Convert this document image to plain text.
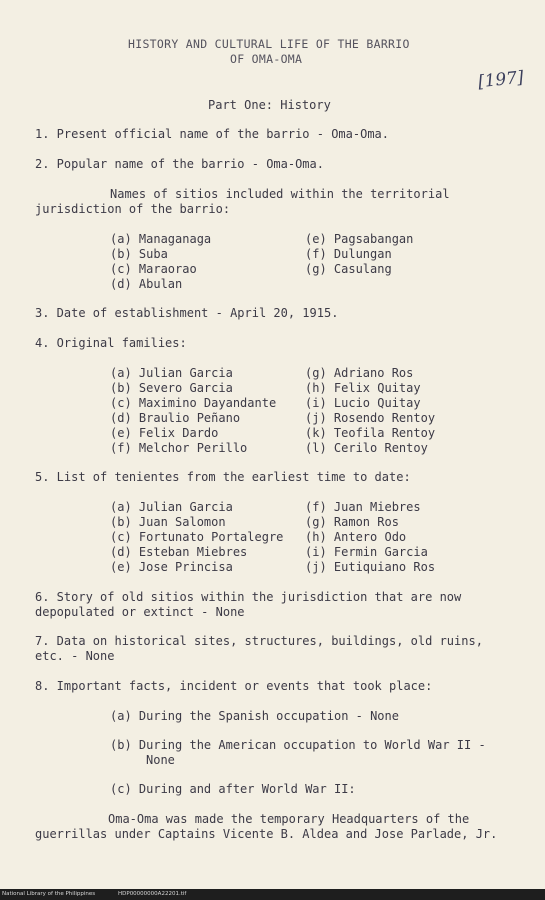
HISTORY AND CULTURAL LIFE OF THE BARRIO
OF OMA-OMA
[197]
Part One: History
1. Present official name of the barrio - Oma-Oma.
2. Popular name of the barrio - Oma-Oma.
Names of sitios included within the territorial
jurisdiction of the barrio:
(a) Managanaga
(b) Suba
(c) Maraorao
(d) Abulan
(e) Pagsabangan
(f) Dulungan
(g) Casulang
3. Date of establishment - April 20, 1915.
4. Original families:
(a) Julian Garcia
(b) Severo Garcia
(c) Maximino Dayandante
(d) Braulio Peñano
(e) Felix Dardo
(f) Melchor Perillo
(g) Adriano Ros
(h) Felix Quitay
(i) Lucio Quitay
(j) Rosendo Rentoy
(k) Teofila Rentoy
(l) Cerilo Rentoy
5. List of tenientes from the earliest time to date:
(a) Julian Garcia
(b) Juan Salomon
(c) Fortunato Portalegre
(d) Esteban Miebres
(e) Jose Princisa
(f) Juan Miebres
(g) Ramon Ros
(h) Antero Odo
(i) Fermin Garcia
(j) Eutiquiano Ros
6. Story of old sitios within the jurisdiction that are now
depopulated or extinct - None
7. Data on historical sites, structures, buildings, old ruins,
etc. - None
8. Important facts, incident or events that took place:
(a) During the Spanish occupation - None
(b) During the American occupation to World War II -
None
(c) During and after World War II:
Oma-Oma was made the temporary Headquarters of the
guerrillas under Captains Vicente B. Aldea and Jose Parlade, Jr.
National Library of the Philippines	HDP00000000A22201.tif
